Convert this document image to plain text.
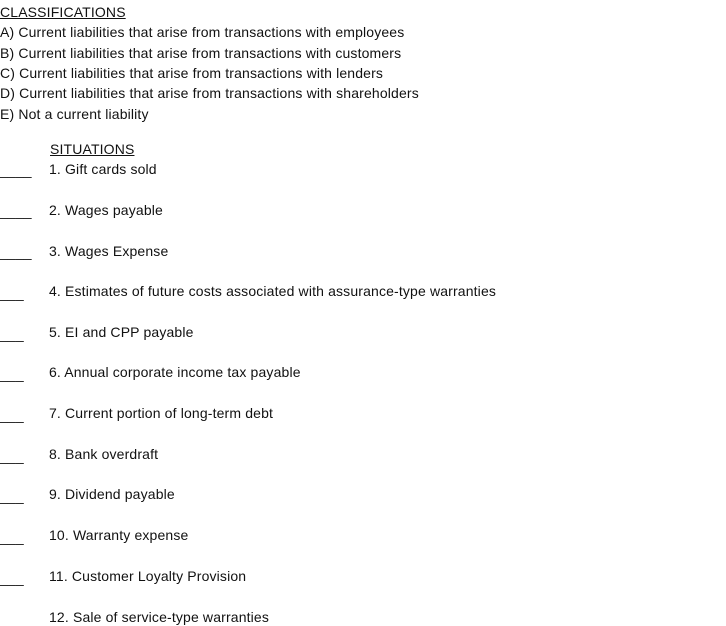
CLASSIFICATIONS
A) Current liabilities that arise from transactions with employees
B) Current liabilities that arise from transactions with customers
C) Current liabilities that arise from transactions with lenders
D) Current liabilities that arise from transactions with shareholders
E) Not a current liability
SITUATIONS
____ 1. Gift cards sold
____ 2. Wages payable
____ 3. Wages Expense
___ 4. Estimates of future costs associated with assurance-type warranties
___ 5. EI and CPP payable
___ 6. Annual corporate income tax payable
___ 7. Current portion of long-term debt
___ 8. Bank overdraft
___ 9. Dividend payable
___ 10. Warranty expense
___ 11. Customer Loyalty Provision
12. Sale of service-type warranties
